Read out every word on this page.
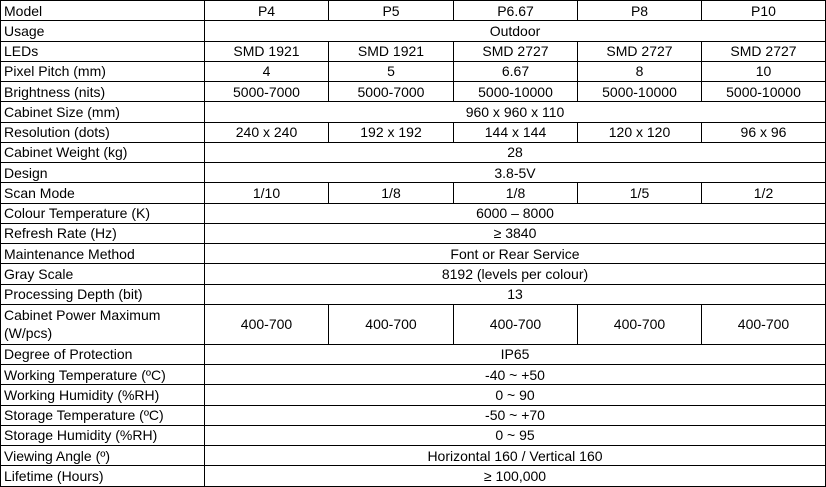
Model	P4	P5	P6.67	P8	P10
Usage	Outdoor				
LEDs	SMD 1921	SMD 1921	SMD 2727	SMD 2727	SMD 2727
Pixel Pitch (mm)	4	5	6.67	8	10
Brightness (nits)	5000-7000	5000-7000	5000-10000	5000-10000	5000-10000
Cabinet Size (mm)	960 x 960 x 110				
Resolution (dots)	240 x 240	192 x 192	144 x 144	120 x 120	96 x 96
Cabinet Weight (kg)	28				
Design	3.8-5V				
Scan Mode	1/10	1/8	1/8	1/5	1/2
Colour Temperature (K)	6000 – 8000				
Refresh Rate (Hz)	≥ 3840				
Maintenance Method	Font or Rear Service				
Gray Scale	8192 (levels per colour)				
Processing Depth (bit)	13				
Cabinet Power Maximum (W/pcs)	400-700	400-700	400-700	400-700	400-700
Degree of Protection	IP65				
Working Temperature (ºC)	-40 ~ +50				
Working Humidity (%RH)	0 ~ 90				
Storage Temperature (ºC)	-50 ~ +70				
Storage Humidity (%RH)	0 ~ 95				
Viewing Angle (º)	Horizontal 160 / Vertical 160				
Lifetime (Hours)	≥ 100,000				
